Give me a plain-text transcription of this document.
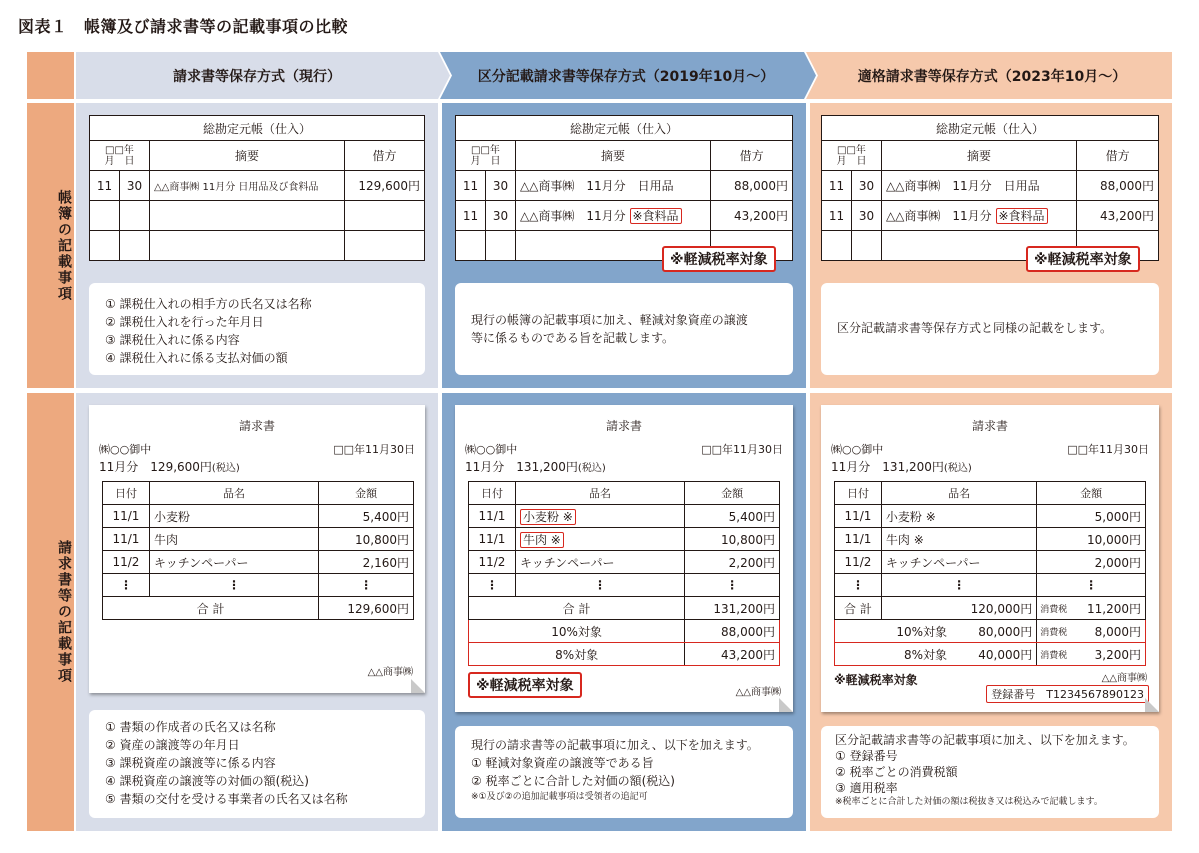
図表１　帳簿及び請求書等の記載事項の比較
請求書等保存方式（現行）	区分記載請求書等保存方式（2019年10月～）	適格請求書等保存方式（2023年10月～）
帳簿の記載事項
請求書等の記載事項
総勘定元帳（仕入）			
□□年
月　 日		摘要	借方
11	30	△△商事㈱ 11月分 日用品及び食料品	129,600円

総勘定元帳（仕入）			
□□年
月　 日		摘要	借方
11	30	△△商事㈱　11月分　日用品	88,000円
11	30	△△商事㈱　11月分 ※食料品	43,200円

※軽減税率対象
総勘定元帳（仕入）			
□□年
月　 日		摘要	借方
11	30	△△商事㈱　11月分　日用品	88,000円
11	30	△△商事㈱　11月分 ※食料品	43,200円

※軽減税率対象
① 課税仕入れの相手方の氏名又は名称
② 課税仕入れを行った年月日
③ 課税仕入れに係る内容
④ 課税仕入れに係る支払対価の額
現行の帳簿の記載事項に加え、軽減対象資産の譲渡
等に係るものである旨を記載します。
区分記載請求書等保存方式と同様の記載をします。
請求書
㈱○○御中	□□年11月30日
11月分　 129,600円(税込)
日付	品名	金額
11/1	小麦粉	5,400円
11/1	牛肉	10,800円
11/2	キッチンペーパー	2,160円
⋮	⋮	⋮
合 計		129,600円
△△商事㈱
請求書
㈱○○御中	□□年11月30日
11月分　 131,200円(税込)
日付	品名	金額
11/1	小麦粉 ※	5,400円
11/1	牛肉 ※	10,800円
11/2	キッチンペーパー	2,200円
⋮	⋮	⋮
合 計		131,200円
10%対象		88,000円
8%対象		43,200円
※軽減税率対象	△△商事㈱
請求書
㈱○○御中	□□年11月30日
11月分　 131,200円(税込)
日付	品名		金額	
11/1	小麦粉 ※		5,000円	
11/1	牛肉 ※		10,000円	
11/2	キッチンペーパー		2,000円	
⋮	⋮		⋮	
合 計	120,000円		消費税	11,200円
10%対象		80,000円	消費税	8,000円
8%対象		40,000円	消費税	3,200円
※軽減税率対象	△△商事㈱
登録番号　T1234567890123
① 書類の作成者の氏名又は名称
② 資産の譲渡等の年月日
③ 課税資産の譲渡等に係る内容
④ 課税資産の譲渡等の対価の額(税込)
⑤ 書類の交付を受ける事業者の氏名又は名称
現行の請求書等の記載事項に加え、以下を加えます。
① 軽減対象資産の譲渡等である旨
② 税率ごとに合計した対価の額(税込)
※①及び②の追加記載事項は受領者の追記可
区分記載請求書等の記載事項に加え、以下を加えます。
① 登録番号
② 税率ごとの消費税額
③ 適用税率
※税率ごとに合計した対価の額は税抜き又は税込みで記載します。
